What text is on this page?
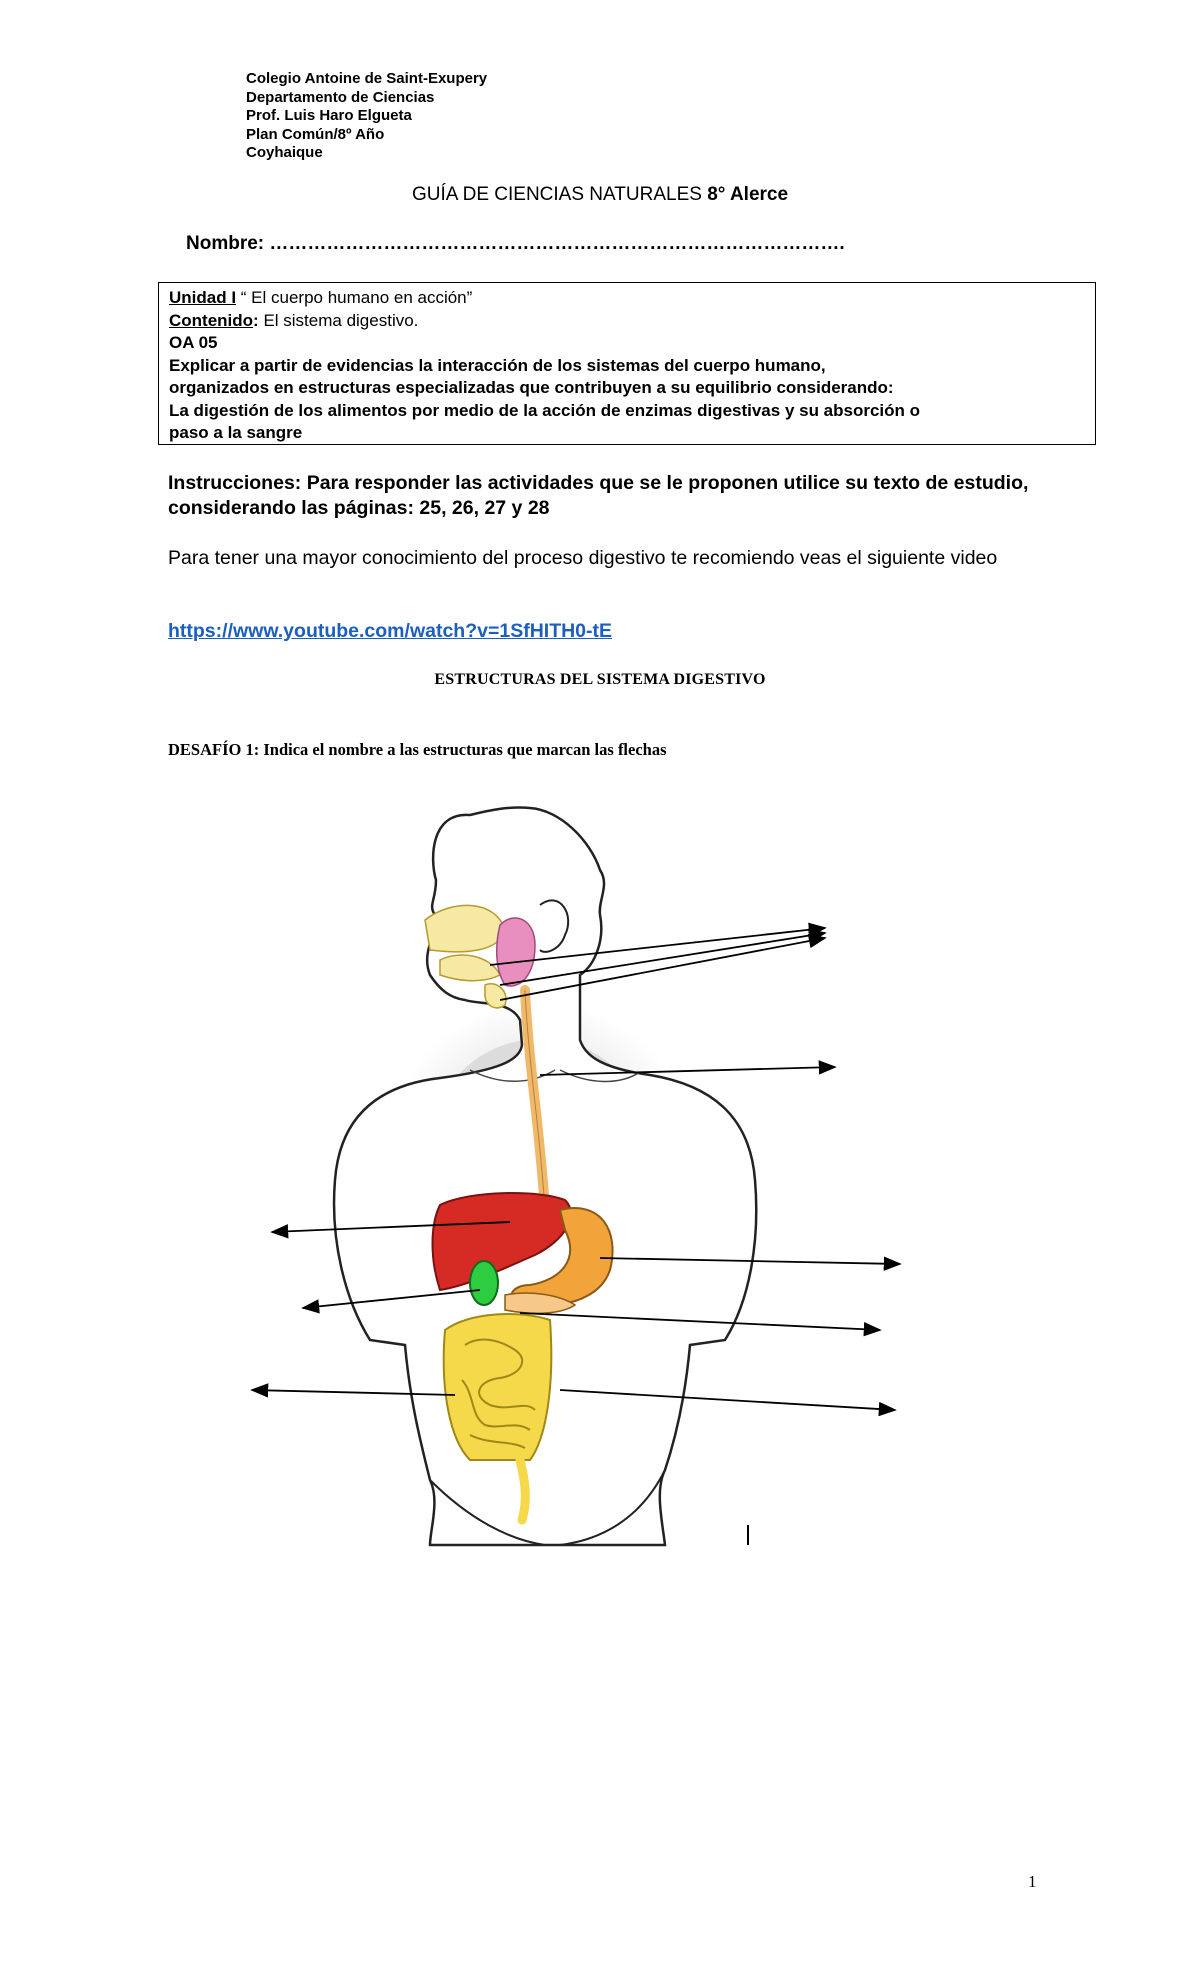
Colegio Antoine de Saint-Exupery
Departamento de Ciencias
Prof. Luis Haro Elgueta
Plan Común/8º Año
Coyhaique
GUÍA DE CIENCIAS NATURALES 8° Alerce
Nombre: ……………………………………………………………………………….
Unidad I “ El cuerpo humano en acción”
Contenido: El sistema digestivo.
OA 05
Explicar a partir de evidencias la interacción de los sistemas del cuerpo humano,
organizados en estructuras especializadas que contribuyen a su equilibrio considerando:
La digestión de los alimentos por medio de la acción de enzimas digestivas y su absorción o
paso a la sangre
Instrucciones: Para responder las actividades que se le proponen utilice su texto de estudio, considerando las páginas: 25, 26, 27 y 28
Para tener una mayor conocimiento del proceso digestivo te recomiendo veas el siguiente video
https://www.youtube.com/watch?v=1SfHITH0-tE
ESTRUCTURAS DEL SISTEMA DIGESTIVO
DESAFÍO 1: Indica el nombre a las estructuras que marcan las flechas
1
